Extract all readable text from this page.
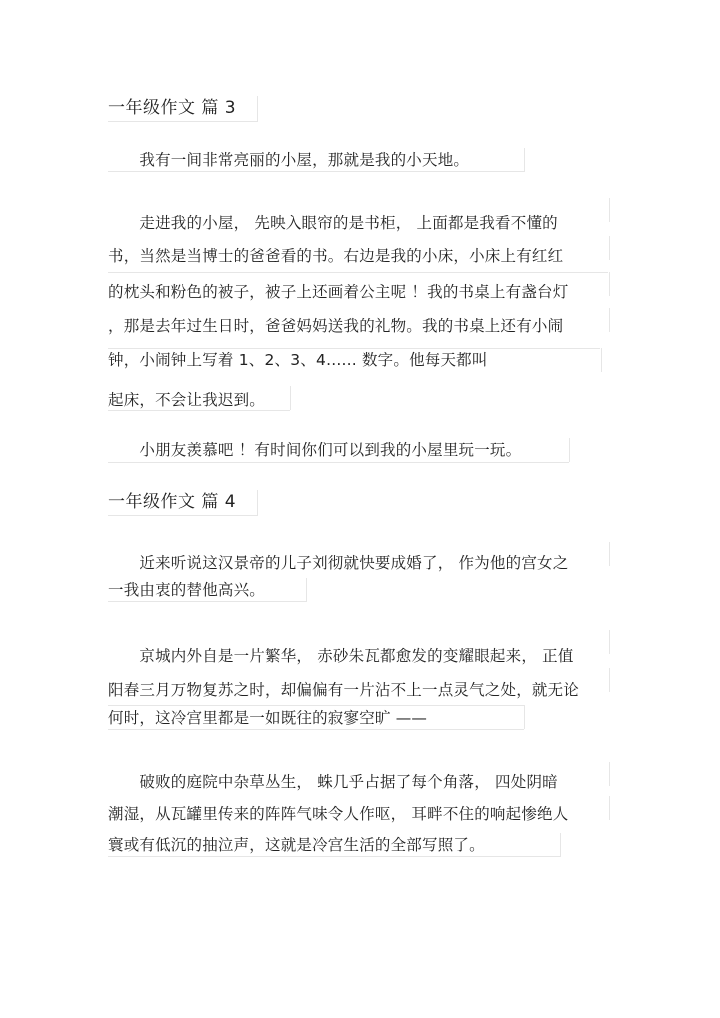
一年级作文 篇 3
　　我有一间非常亮丽的小屋，那就是我的小天地。
　　走进我的小屋， 先映入眼帘的是书柜， 上面都是我看不懂的
书，当然是当博士的爸爸看的书。右边是我的小床，小床上有红红
的枕头和粉色的被子，被子上还画着公主呢 ！我的书桌上有盏台灯
，那是去年过生日时，爸爸妈妈送我的礼物。我的书桌上还有小闹
钟，小闹钟上写着 1、2、3、4...... 数字。他每天都叫
起床，不会让我迟到。
　　小朋友羡慕吧 ！有时间你们可以到我的小屋里玩一玩。
一年级作文 篇 4
　　近来听说这汉景帝的儿子刘彻就快要成婚了， 作为他的宫女之
一我由衷的替他高兴。
　　京城内外自是一片繁华， 赤砂朱瓦都愈发的变耀眼起来， 正值
阳春三月万物复苏之时，却偏偏有一片沾不上一点灵气之处，就无论
何时，这冷宫里都是一如既往的寂寥空旷 ——
　　破败的庭院中杂草丛生， 蛛几乎占据了每个角落， 四处阴暗
潮湿，从瓦罐里传来的阵阵气味令人作呕， 耳畔不住的响起惨绝人
寰或有低沉的抽泣声，这就是冷宫生活的全部写照了。
